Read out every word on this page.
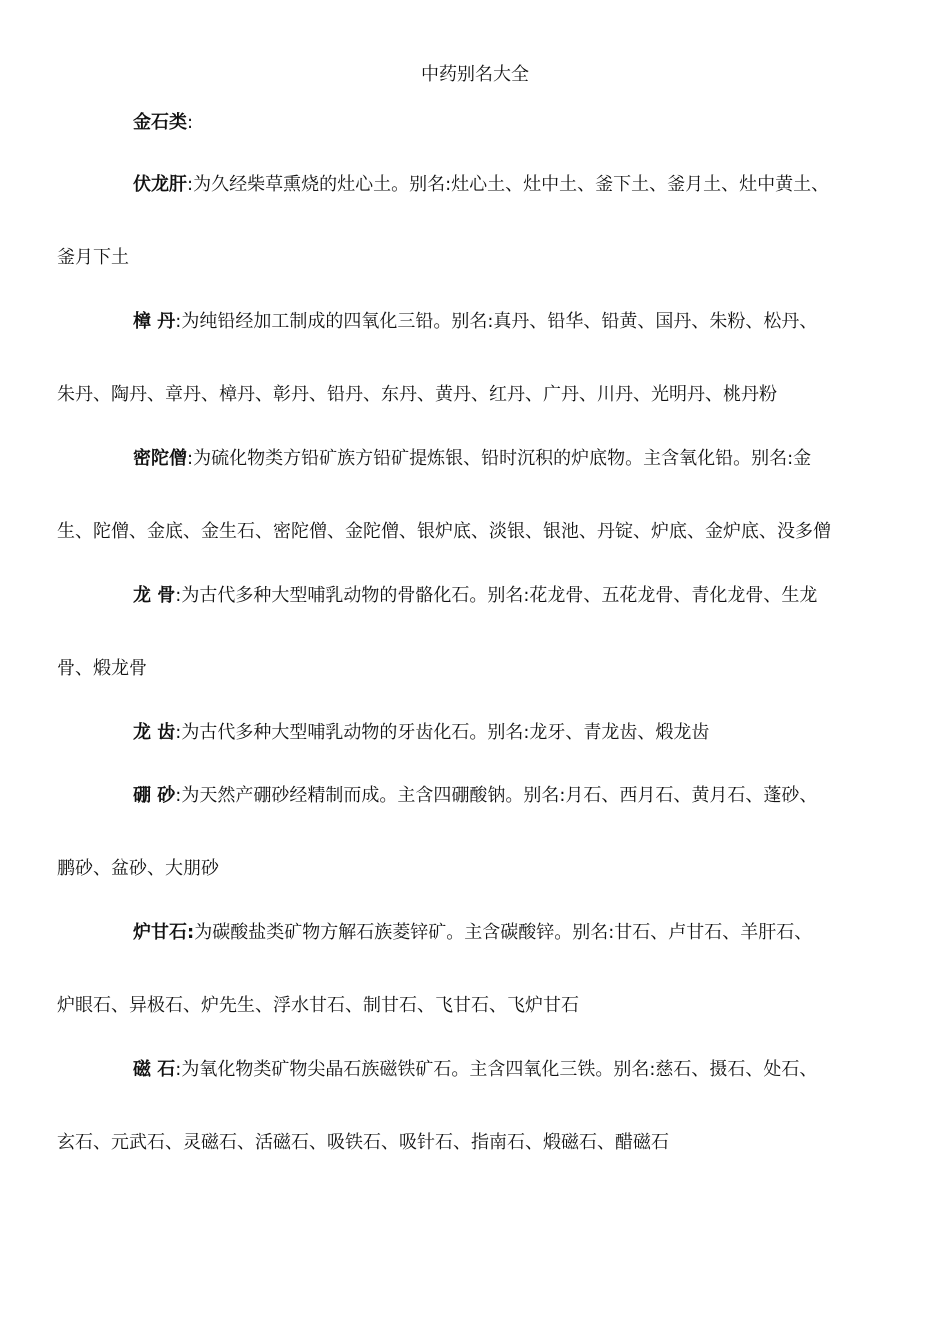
中药别名大全
金石类:
伏龙肝:为久经柴草熏烧的灶心土。别名:灶心土、灶中土、釜下土、釜月土、灶中黄土、
釜月下土
樟 丹:为纯铅经加工制成的四氧化三铅。别名:真丹、铅华、铅黄、国丹、朱粉、松丹、
朱丹、陶丹、章丹、樟丹、彰丹、铅丹、东丹、黄丹、红丹、广丹、川丹、光明丹、桃丹粉
密陀僧:为硫化物类方铅矿族方铅矿提炼银、铅时沉积的炉底物。主含氧化铅。别名:金
生、陀僧、金底、金生石、密陀僧、金陀僧、银炉底、淡银、银池、丹锭、炉底、金炉底、没多僧
龙 骨:为古代多种大型哺乳动物的骨骼化石。别名:花龙骨、五花龙骨、青化龙骨、生龙
骨、煅龙骨
龙 齿:为古代多种大型哺乳动物的牙齿化石。别名:龙牙、青龙齿、煅龙齿
硼 砂:为天然产硼砂经精制而成。主含四硼酸钠。别名:月石、西月石、黄月石、蓬砂、
鹏砂、盆砂、大朋砂
炉甘石:为碳酸盐类矿物方解石族菱锌矿。主含碳酸锌。别名:甘石、卢甘石、羊肝石、
炉眼石、异极石、炉先生、浮水甘石、制甘石、飞甘石、飞炉甘石
磁 石:为氧化物类矿物尖晶石族磁铁矿石。主含四氧化三铁。别名:慈石、摄石、处石、
玄石、元武石、灵磁石、活磁石、吸铁石、吸针石、指南石、煅磁石、醋磁石
